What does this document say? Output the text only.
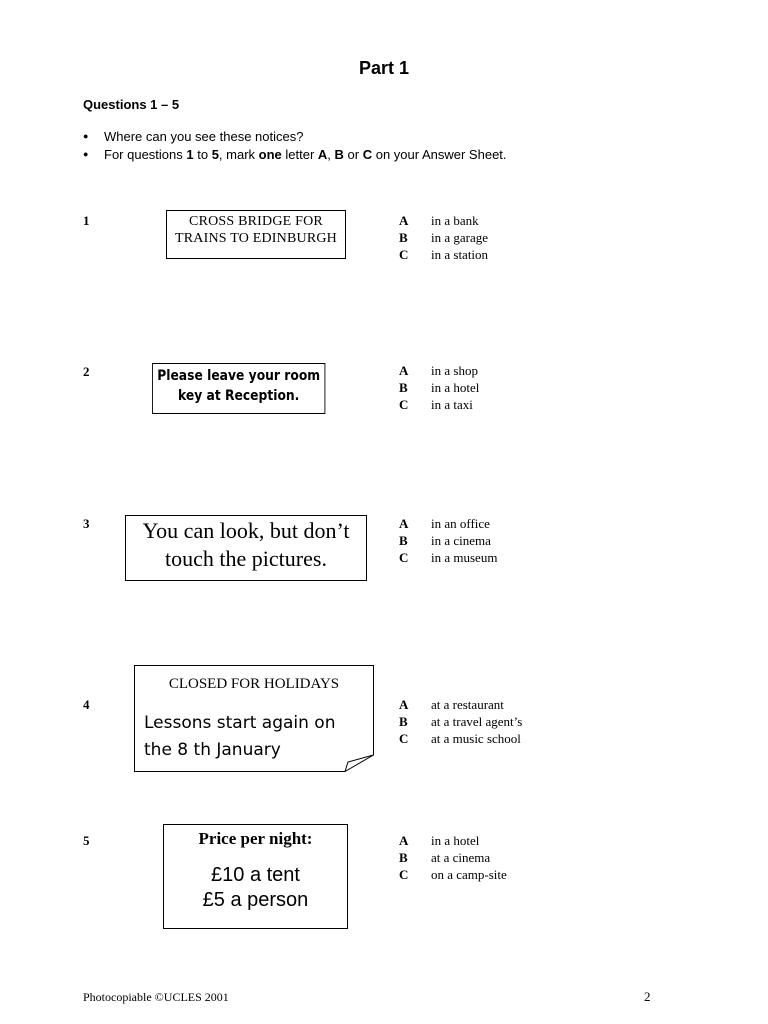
Part 1
Questions 1 – 5
● Where can you see these notices?
● For questions 1 to 5, mark one letter A, B or C on your Answer Sheet.
1	CROSS BRIDGE FOR
TRAINS TO EDINBURGH
A	in a bank
B	in a garage
C	in a station
2	Please leave your room
key at Reception.
A	in a shop
B	in a hotel
C	in a taxi
3	You can look, but don’t
touch the pictures.
A	in an office
B	in a cinema
C	in a museum
4
CLOSED FOR HOLIDAYS
Lessons start again on
the 8 th January
A	at a restaurant
B	at a travel agent’s
C	at a music school
5	Price per night:
£10 a tent
£5 a person
A	in a hotel
B	at a cinema
C	on a camp-site
Photocopiable ©UCLES 2001	2
